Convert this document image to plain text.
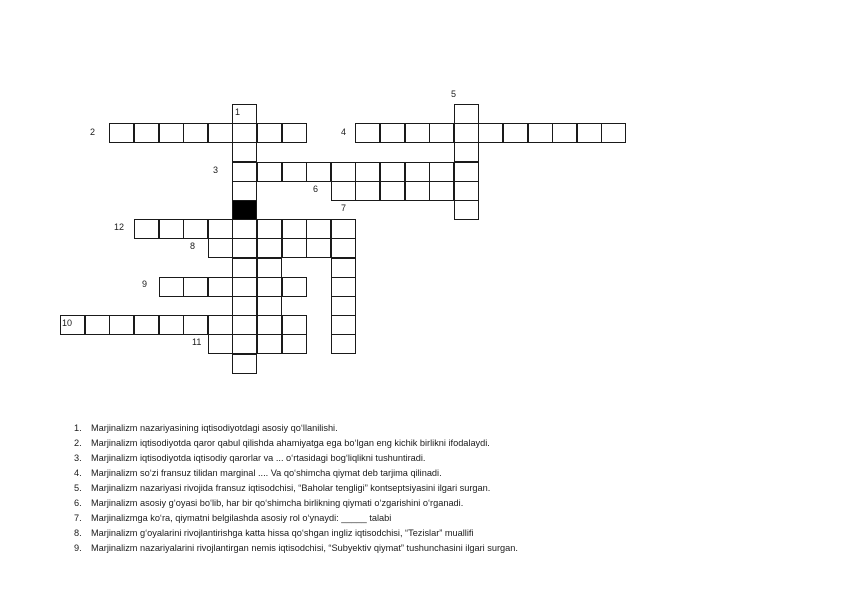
1
2
3
4
5
6
7
8
9
10
11
12
1. Marjinalizm nazariyasining iqtisodiyotdagi asosiy qo‘llanilishi.
2. Marjinalizm iqtisodiyotda qaror qabul qilishda ahamiyatga ega bo‘lgan eng kichik birlikni ifodalaydi.
3. Marjinalizm iqtisodiyotda iqtisodiy qarorlar va ... o‘rtasidagi bog‘liqlikni tushuntiradi.
4. Marjinalizm so‘zi fransuz tilidan marginal .... Va qo‘shimcha qiymat deb tarjima qilinadi.
5. Marjinalizm nazariyasi rivojida fransuz iqtisodchisi, “Baholar tengligi” kontseptsiyasini ilgari surgan.
6. Marjinalizm asosiy g‘oyasi bo‘lib, har bir qo‘shimcha birlikning qiymati o‘zgarishini o‘rganadi.
7. Marjinalizmga ko‘ra, qiymatni belgilashda asosiy rol o‘ynaydi: _____ talabi
8. Marjinalizm g‘oyalarini rivojlantirishga katta hissa qo‘shgan ingliz iqtisodchisi, “Tezislar” muallifi
9. Marjinalizm nazariyalarini rivojlantirgan nemis iqtisodchisi, “Subyektiv qiymat” tushunchasini ilgari surgan.
